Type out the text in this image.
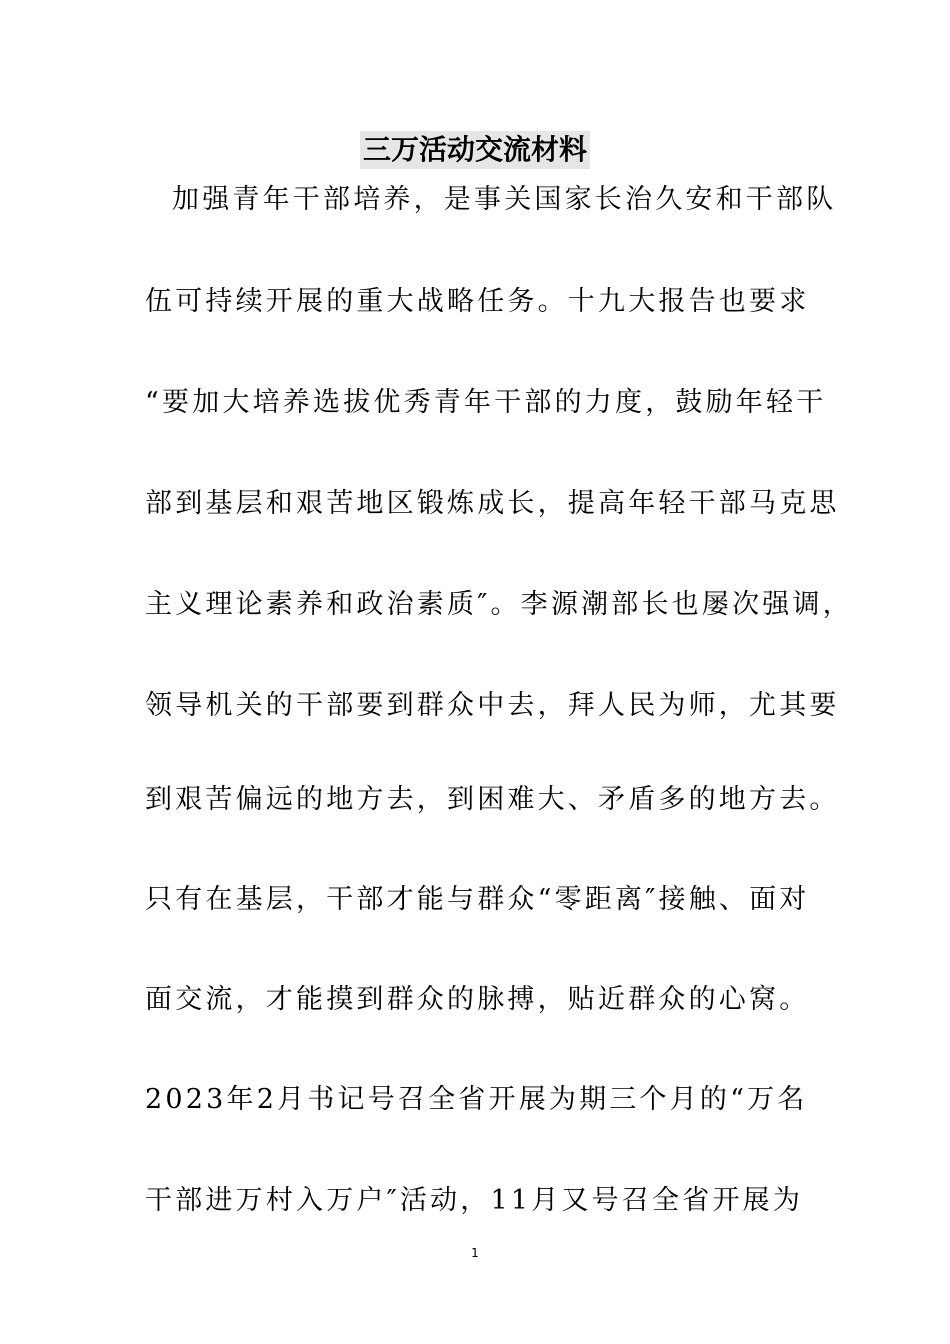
三万活动交流材料
加强青年干部培养，是事关国家长治久安和干部队
伍可持续开展的重大战略任务。十九大报告也要求
“要加大培养选拔优秀青年干部的力度，鼓励年轻干
部到基层和艰苦地区锻炼成长，提高年轻干部马克思
主义理论素养和政治素质″。李源潮部长也屡次强调，
领导机关的干部要到群众中去，拜人民为师，尤其要
到艰苦偏远的地方去，到困难大、矛盾多的地方去。
只有在基层，干部才能与群众“零距离″接触、面对
面交流，才能摸到群众的脉搏，贴近群众的心窝。
2023年2月书记号召全省开展为期三个月的“万名
干部进万村入万户″活动，11月又号召全省开展为
1
